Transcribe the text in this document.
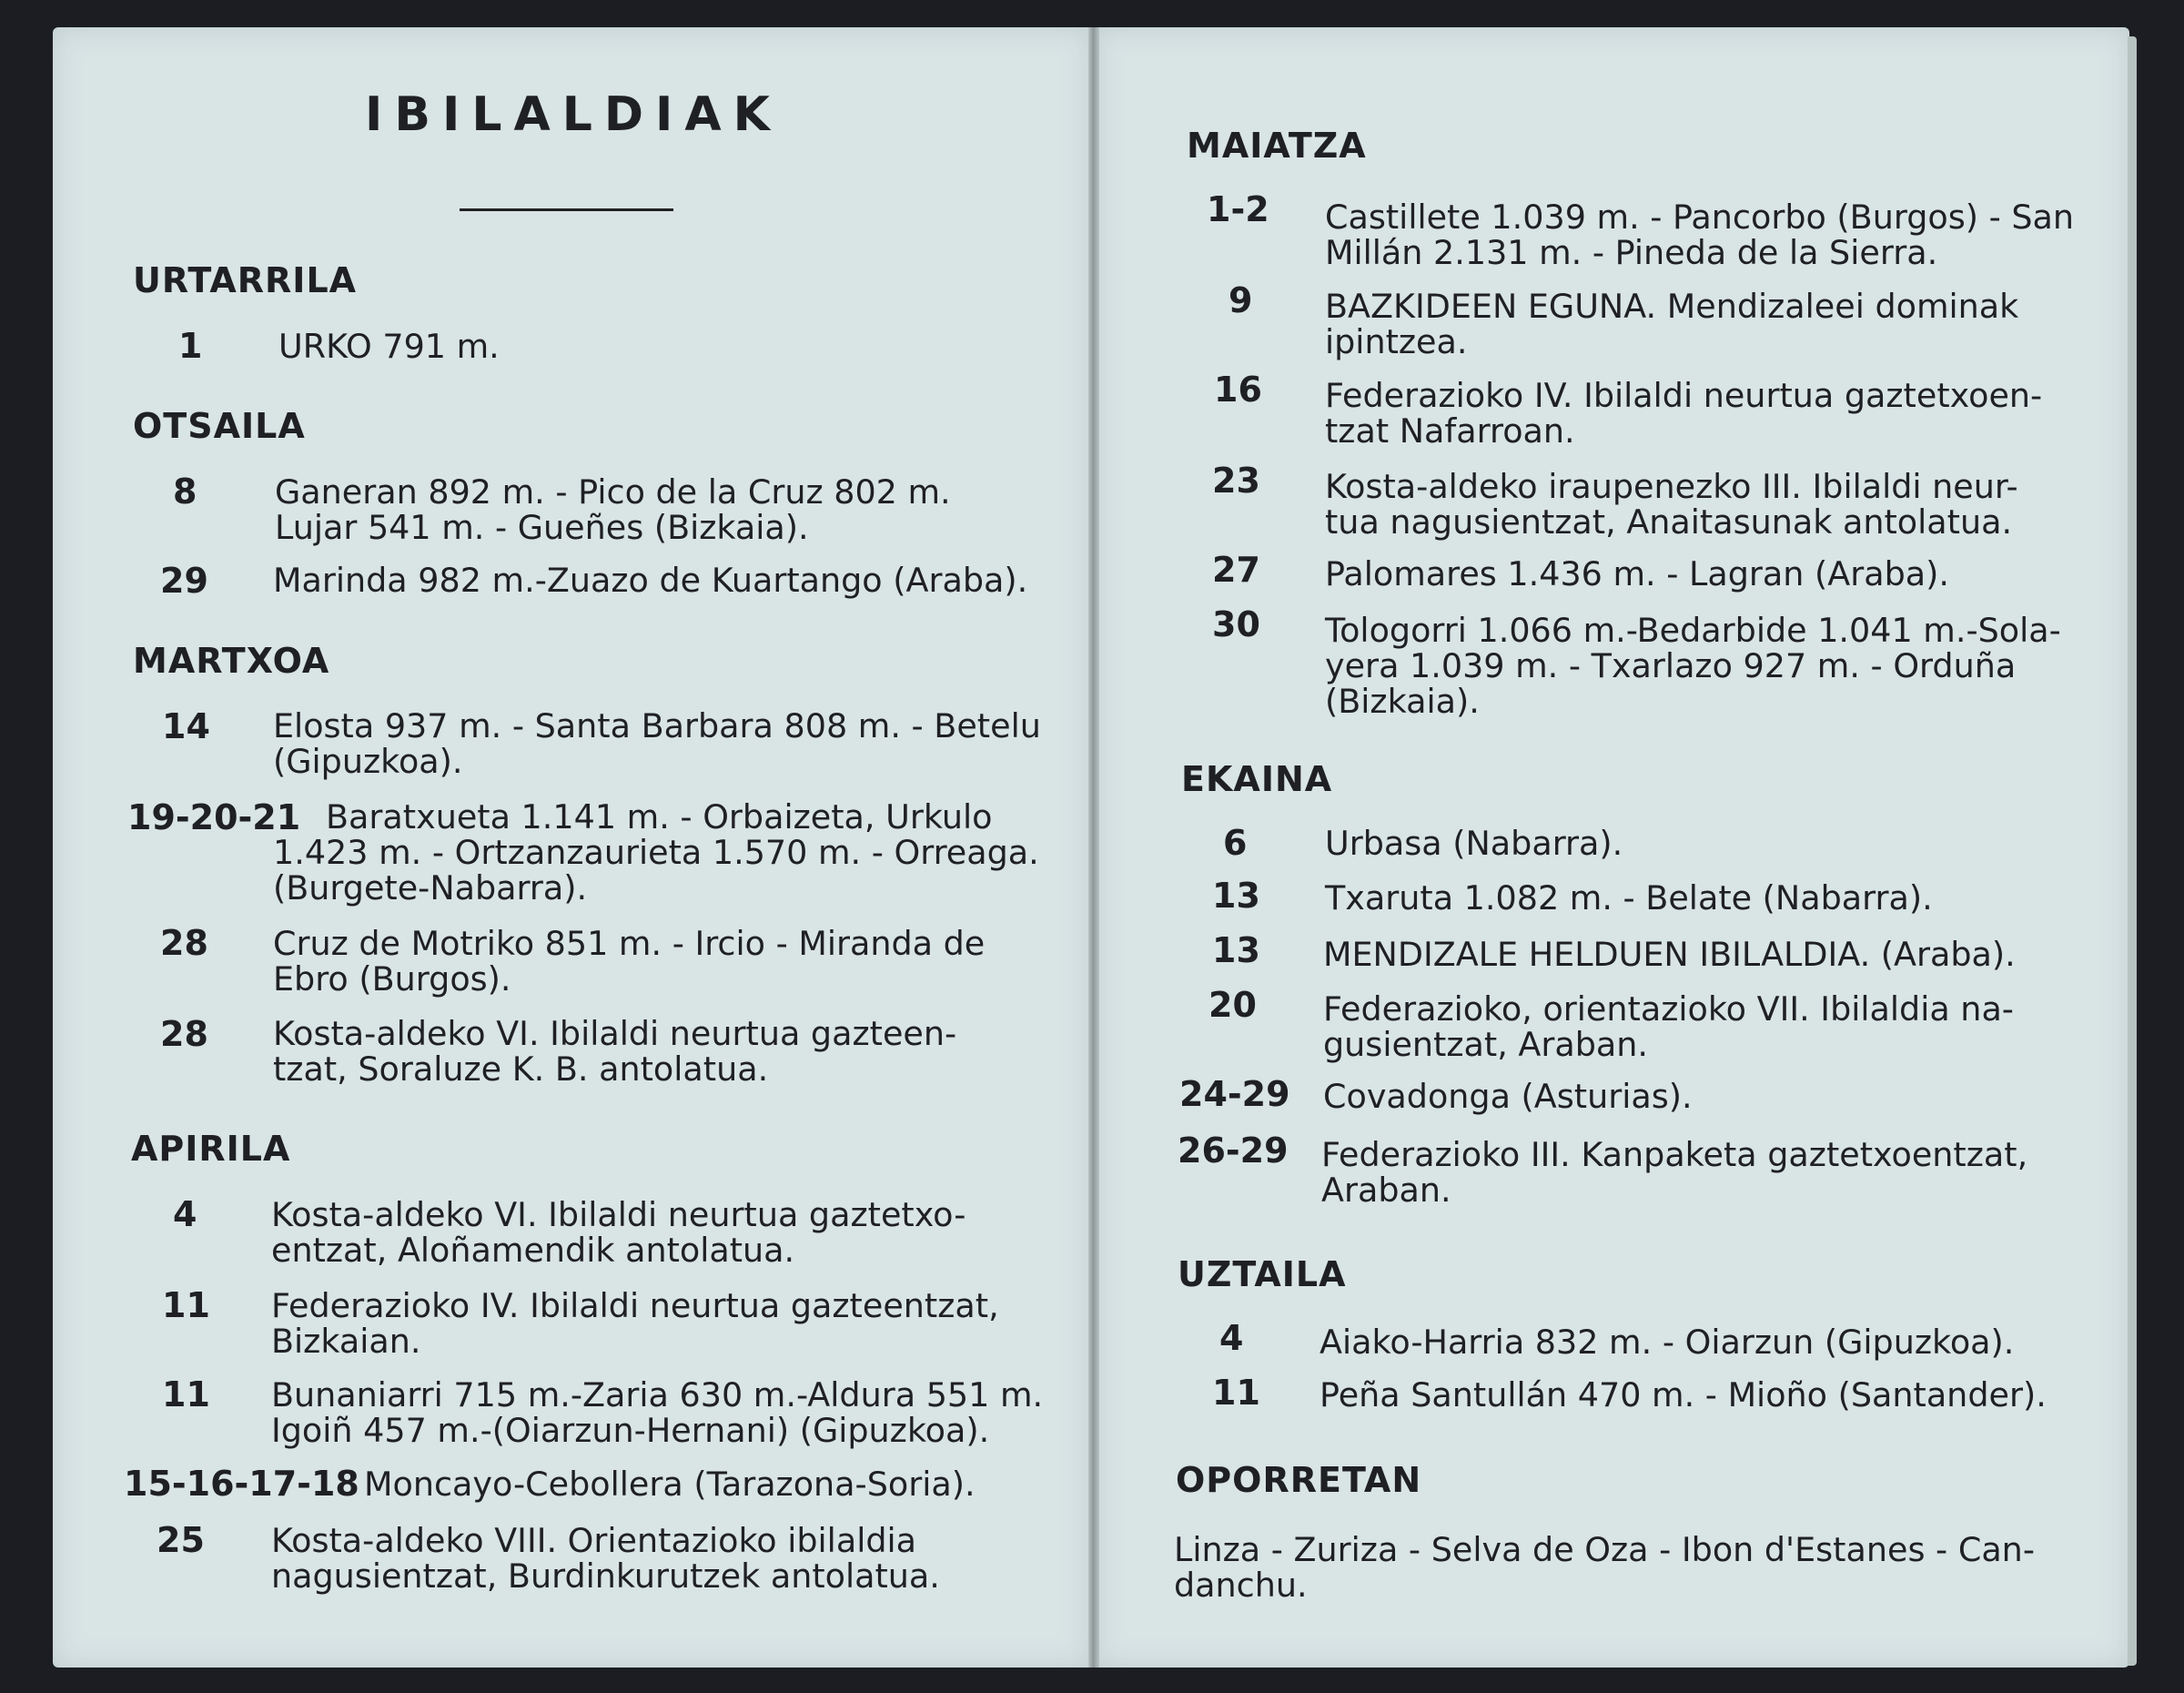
IBILALDIAK
URTARRILA
1 URKO 791 m.
OTSAILA
8 Ganeran 892 m. - Pico de la Cruz 802 m.
Lujar 541 m. - Gueñes (Bizkaia).
29 Marinda 982 m.-Zuazo de Kuartango (Araba).
MARTXOA
14 Elosta 937 m. - Santa Barbara 808 m. - Betelu
(Gipuzkoa).
19-20-21 Baratxueta 1.141 m. - Orbaizeta, Urkulo
1.423 m. - Ortzanzaurieta 1.570 m. - Orreaga.
(Burgete-Nabarra).
28 Cruz de Motriko 851 m. - Ircio - Miranda de
Ebro (Burgos).
28 Kosta-aldeko VI. Ibilaldi neurtua gazteen-
tzat, Soraluze K. B. antolatua.
APIRILA
4 Kosta-aldeko VI. Ibilaldi neurtua gaztetxo-
entzat, Aloñamendik antolatua.
11 Federazioko IV. Ibilaldi neurtua gazteentzat,
Bizkaian.
11 Bunaniarri 715 m.-Zaria 630 m.-Aldura 551 m.
Igoiñ 457 m.-(Oiarzun-Hernani) (Gipuzkoa).
15-16-17-18 Moncayo-Cebollera (Tarazona-Soria).
25 Kosta-aldeko VIII. Orientazioko ibilaldia
nagusientzat, Burdinkurutzek antolatua.
MAIATZA
1-2 Castillete 1.039 m. - Pancorbo (Burgos) - San
Millán 2.131 m. - Pineda de la Sierra.
9 BAZKIDEEN EGUNA. Mendizaleei dominak
ipintzea.
16 Federazioko IV. Ibilaldi neurtua gaztetxoen-
tzat Nafarroan.
23 Kosta-aldeko iraupenezko III. Ibilaldi neur-
tua nagusientzat, Anaitasunak antolatua.
27 Palomares 1.436 m. - Lagran (Araba).
30 Tologorri 1.066 m.-Bedarbide 1.041 m.-Sola-
yera 1.039 m. - Txarlazo 927 m. - Orduña
(Bizkaia).
EKAINA
6 Urbasa (Nabarra).
13 Txaruta 1.082 m. - Belate (Nabarra).
13 MENDIZALE HELDUEN IBILALDIA. (Araba).
20 Federazioko, orientazioko VII. Ibilaldia na-
gusientzat, Araban.
24-29 Covadonga (Asturias).
26-29 Federazioko III. Kanpaketa gaztetxoentzat,
Araban.
UZTAILA
4 Aiako-Harria 832 m. - Oiarzun (Gipuzkoa).
11 Peña Santullán 470 m. - Mioño (Santander).
OPORRETAN
Linza - Zuriza - Selva de Oza - Ibon d'Estanes - Can-
danchu.
